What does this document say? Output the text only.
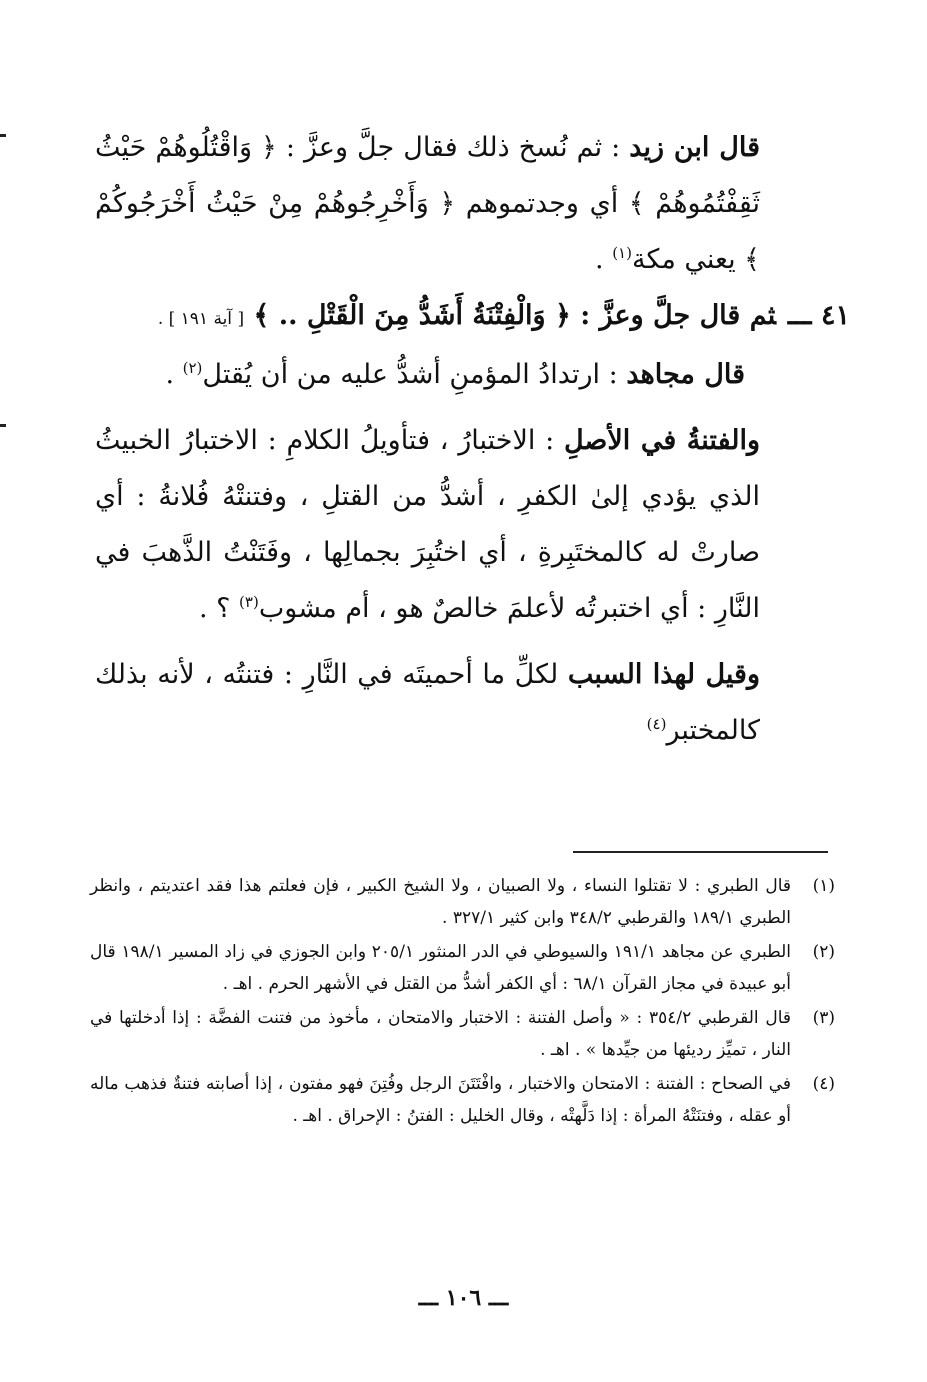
قال ابن زيد : ثم نُسخ ذلك فقال جلَّ وعزَّ : ﴿ وَاقْتُلُوهُمْ حَيْثُ ثَقِفْتُمُوهُمْ ﴾ أي وجدتموهم ﴿ وَأَخْرِجُوهُمْ مِنْ حَيْثُ أَخْرَجُوكُمْ ﴾ يعني مكة$^{(١)}$ .

٤١ ـــثم قال جلَّ وعزَّ : ﴿ وَالْفِتْنَةُ أَشَدُّ مِنَ الْقَتْلِ .. ﴾ [ آية ١٩١ ] .

قال مجاهد : ارتدادُ المؤمنِ أشدُّ عليه من أن يُقتل$^{(٢)}$ .

والفتنةُ في الأصلِ : الاختبارُ ، فتأويلُ الكلامِ : الاختبارُ الخبيثُ الذي يؤدي إلىٰ الكفرِ ، أشدُّ من القتلِ ، وفتنتْهُ فُلانةُ : أي صارتْ له كالمختَبِرةِ ، أي اختُبِرَ بجمالِها ، وفَتَنْتُ الذَّهبَ في النَّارِ : أي اختبرتُه لأعلمَ خالصٌ هو ، أم مشوب$^{(٣)}$ ؟ .

وقيل لهذا السبب لكلِّ ما أحميتَه في النَّارِ : فتنتُه ، لأنه بذلك كالمختبر$^{(٤)}$

(١)
قال الطبري : لا تقتلوا النساء ، ولا الصبيان ، ولا الشيخ الكبير ، فإن فعلتم هذا فقد اعتديتم ، وانظر الطبري ١٨٩/١ والقرطبي ٣٤٨/٢ وابن كثير ٣٢٧/١ .
(٢)
الطبري عن مجاهد ١٩١/١ والسيوطي في الدر المنثور ٢٠٥/١ وابن الجوزي في زاد المسير ١٩٨/١ قال أبو عبيدة في مجاز القرآن ٦٨/١ : أي الكفر أشدُّ من القتل في الأشهر الحرم . اهـ .
(٣)
قال القرطبي ٣٥٤/٢ : « وأصل الفتنة : الاختبار والامتحان ، مأخوذ من فتنت الفضَّة : إذا أدخلتها في النار ، تميِّز رديئها من جيِّدها » . اهـ .
(٤)
في الصحاح : الفتنة : الامتحان والاختبار ، وافْتَتَنَ الرجل وفُتِنَ فهو مفتون ، إذا أصابته فتنةٌ فذهب ماله أو عقله ، وفتنَتْهُ المرأة : إذا دَلَّهتْه ، وقال الخليل : الفتنُ : الإحراق . اهـ .
ـــ ١٠٦ ـــ
